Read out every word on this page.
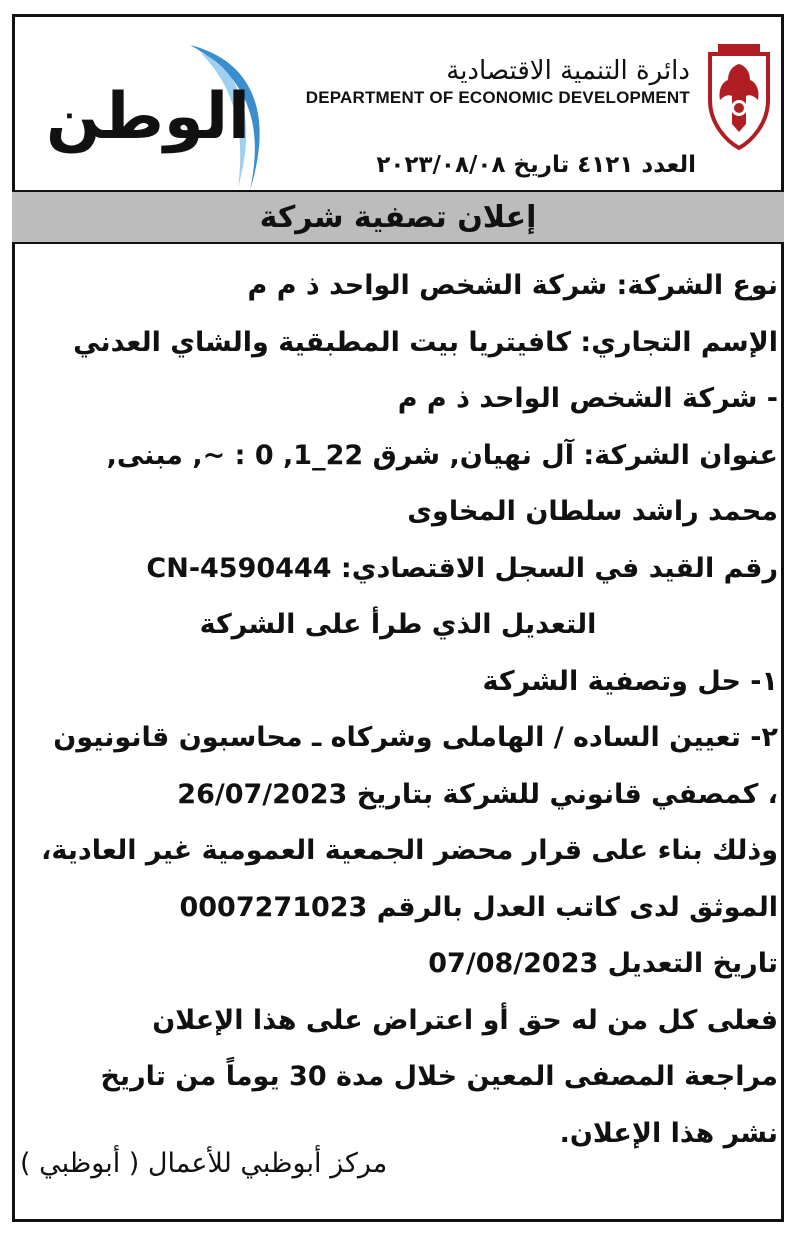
الوطن
دائرة التنمية الاقتصادية
DEPARTMENT OF ECONOMIC DEVELOPMENT
العدد ٤١٢١ تاريخ ٢٠٢٣/٠٨/٠٨
إعلان تصفية شركة
نوع الشركة: شركة الشخص الواحد ذ م م
الإسم التجاري: كافيتريا بيت المطبقية والشاي العدني
- شركة الشخص الواحد ذ م م
عنوان الشركة: آل نهيان, شرق 22_1, 0 : ~, مبنى,
محمد راشد سلطان المخاوى
رقم القيد في السجل الاقتصادي: CN-4590444
التعديل الذي طرأ على الشركة
١- حل وتصفية الشركة
٢- تعيين الساده / الهاملى وشركاه ـ محاسبون قانونيون
، كمصفي قانوني للشركة بتاريخ 26/07/2023
وذلك بناء على قرار محضر الجمعية العمومية غير العادية،
الموثق لدى كاتب العدل بالرقم 0007271023
تاريخ التعديل 07/08/2023
فعلى كل من له حق أو اعتراض على هذا الإعلان
مراجعة المصفى المعين خلال مدة 30 يوماً من تاريخ
نشر هذا الإعلان.
مركز أبوظبي للأعمال ( أبوظبي )
